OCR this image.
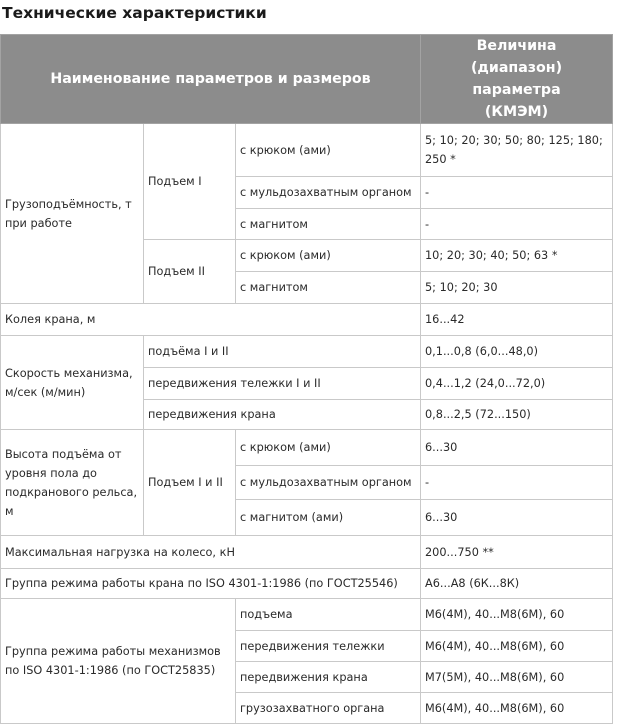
Технические характеристики
Наименование параметров и размеров			Величина (диапазон) параметра (КМЭМ)
Грузоподъёмность, т при работе	Подъем I	с крюком (ами)	5; 10; 20; 30; 50; 80; 125; 180; 250 *
		с мульдозахватным органом	-
		с магнитом	-
	Подъем II	с крюком (ами)	10; 20; 30; 40; 50; 63 *
		с магнитом	5; 10; 20; 30
Колея крана, м			16...42
Скорость механизма, м/сек (м/мин)	подъёма I и II		0,1...0,8 (6,0...48,0)
	передвижения тележки I и II		0,4...1,2 (24,0...72,0)
	передвижения крана		0,8...2,5 (72...150)
Высота подъёма от уровня пола до подкранового рельса, м	Подъем I и II	с крюком (ами)	6...30
		с мульдозахватным органом	-
		с магнитом (ами)	6...30
Максимальная нагрузка на колесо, кН			200...750 **
Группа режима работы крана по ISO 4301-1:1986 (по ГОСТ25546)			А6...А8 (6К...8К)
Группа режима работы механизмов по ISO 4301-1:1986 (по ГОСТ25835)		подъема	М6(4М), 40...М8(6М), 60
		передвижения тележки	М6(4М), 40...М8(6М), 60
		передвижения крана	М7(5М), 40...М8(6М), 60
		грузозахватного органа	М6(4М), 40...М8(6М), 60
